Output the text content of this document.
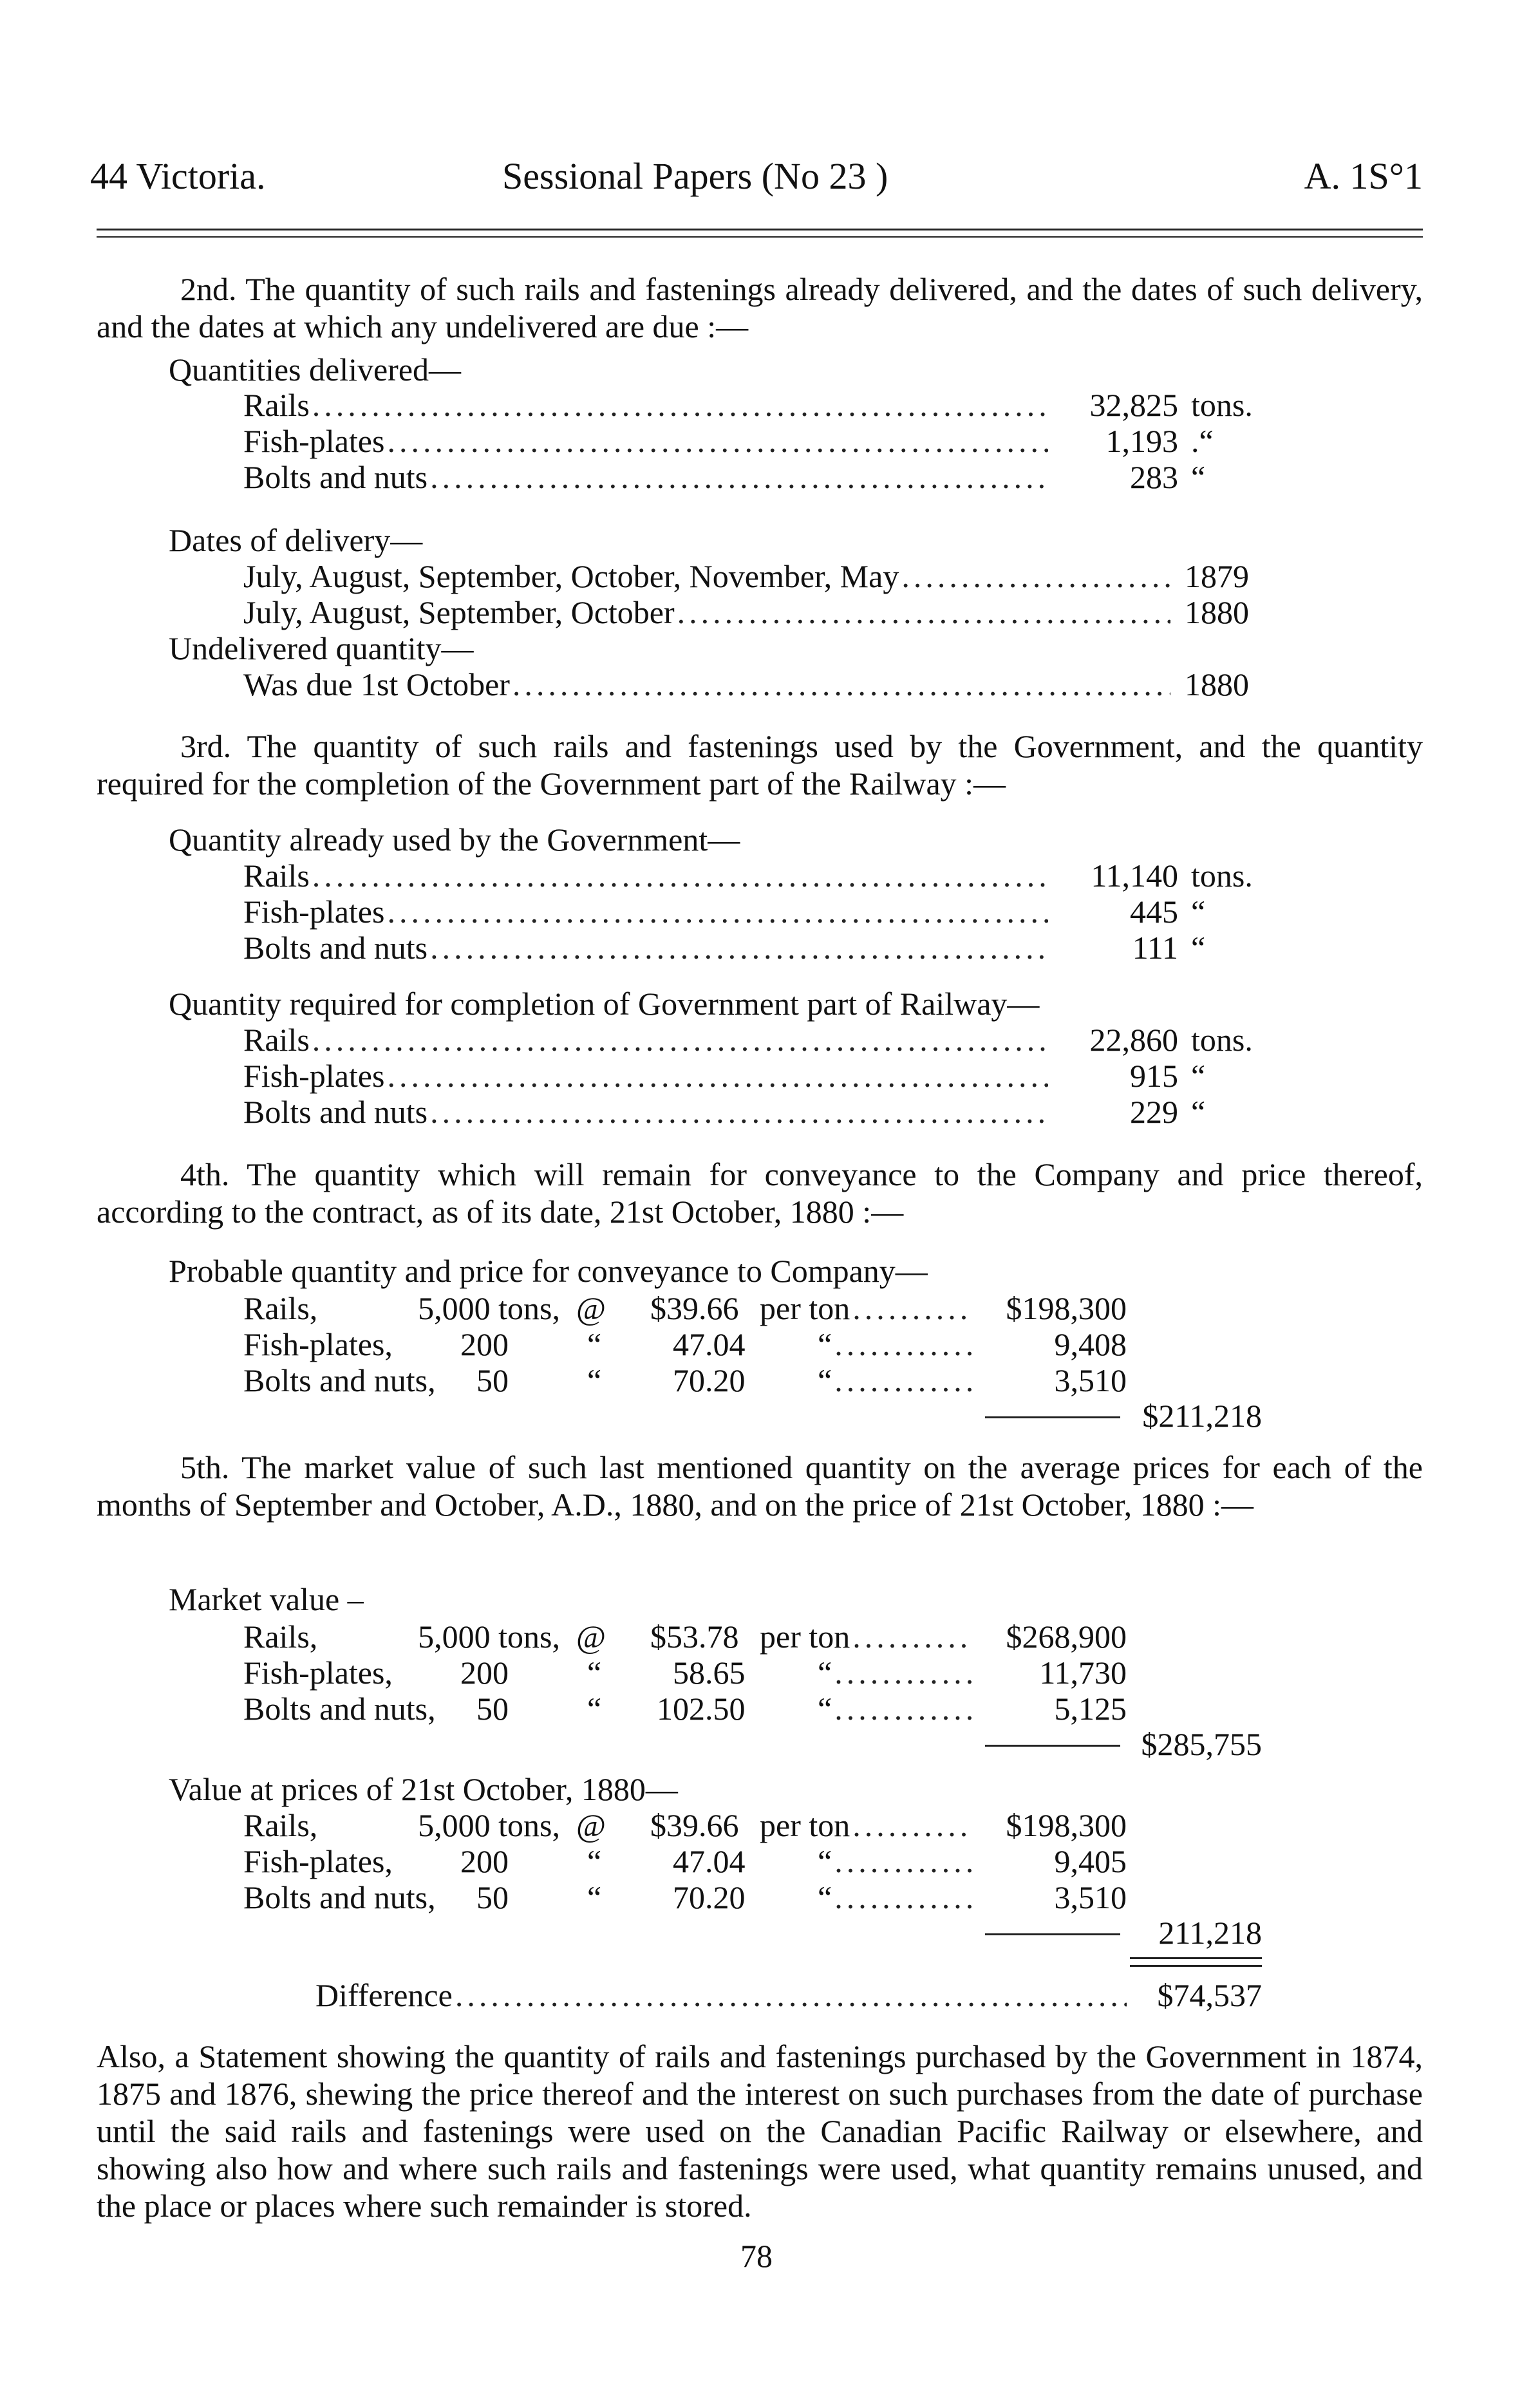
44 Victoria.	Sessional Papers (No 23 )	A. 1S°1
2nd. The quantity of such rails and fastenings already delivered, and the dates of such delivery, and the dates at which any undelivered are due :—
Quantities delivered—
Rails .....	32,825 tons.
Fish-plates .....	1,193 .“
Bolts and nuts .....	283 “
Dates of delivery—
July, August, September, October, November, May .....	1879
July, August, September, October .....	1880
Undelivered quantity—
Was due 1st October .....	1880
3rd. The quantity of such rails and fastenings used by the Government, and the quantity required for the completion of the Government part of the Railway :—
Quantity already used by the Government—
Rails .....	11,140 tons.
Fish-plates .....	445 “
Bolts and nuts .....	111 “
Quantity required for completion of Government part of Railway—
Rails .....	22,860 tons.
Fish-plates .....	915 “
Bolts and nuts .....	229 “
4th. The quantity which will remain for conveyance to the Company and price thereof, according to the contract, as of its date, 21st October, 1880 :—
Probable quantity and price for conveyance to Company—
Rails,	5,000 tons, @ $39.66 per ton .....	$198,300
Fish-plates,	200 “ 47.04 “ .....	9,408
Bolts and nuts,	50 “ 70.20 “ .....	3,510
$211,218
5th. The market value of such last mentioned quantity on the average prices for each of the months of September and October, A.D., 1880, and on the price of 21st October, 1880 :—
Market value –
Rails,	5,000 tons, @ $53.78 per ton .....	$268,900
Fish-plates,	200 “ 58.65 “ .....	11,730
Bolts and nuts,	50 “ 102.50 “ .....	5,125
$285,755
Value at prices of 21st October, 1880—
Rails,	5,000 tons, @ $39.66 per ton .....	$198,300
Fish-plates,	200 “ 47.04 “ .....	9,405
Bolts and nuts,	50 “ 70.20 “ .....	3,510
211,218
Difference .....	$74,537
Also, a Statement showing the quantity of rails and fastenings purchased by the Government in 1874, 1875 and 1876, shewing the price thereof and the interest on such purchases from the date of purchase until the said rails and fastenings were used on the Canadian Pacific Railway or elsewhere, and showing also how and where such rails and fastenings were used, what quantity remains unused, and the place or places where such remainder is stored.
78
